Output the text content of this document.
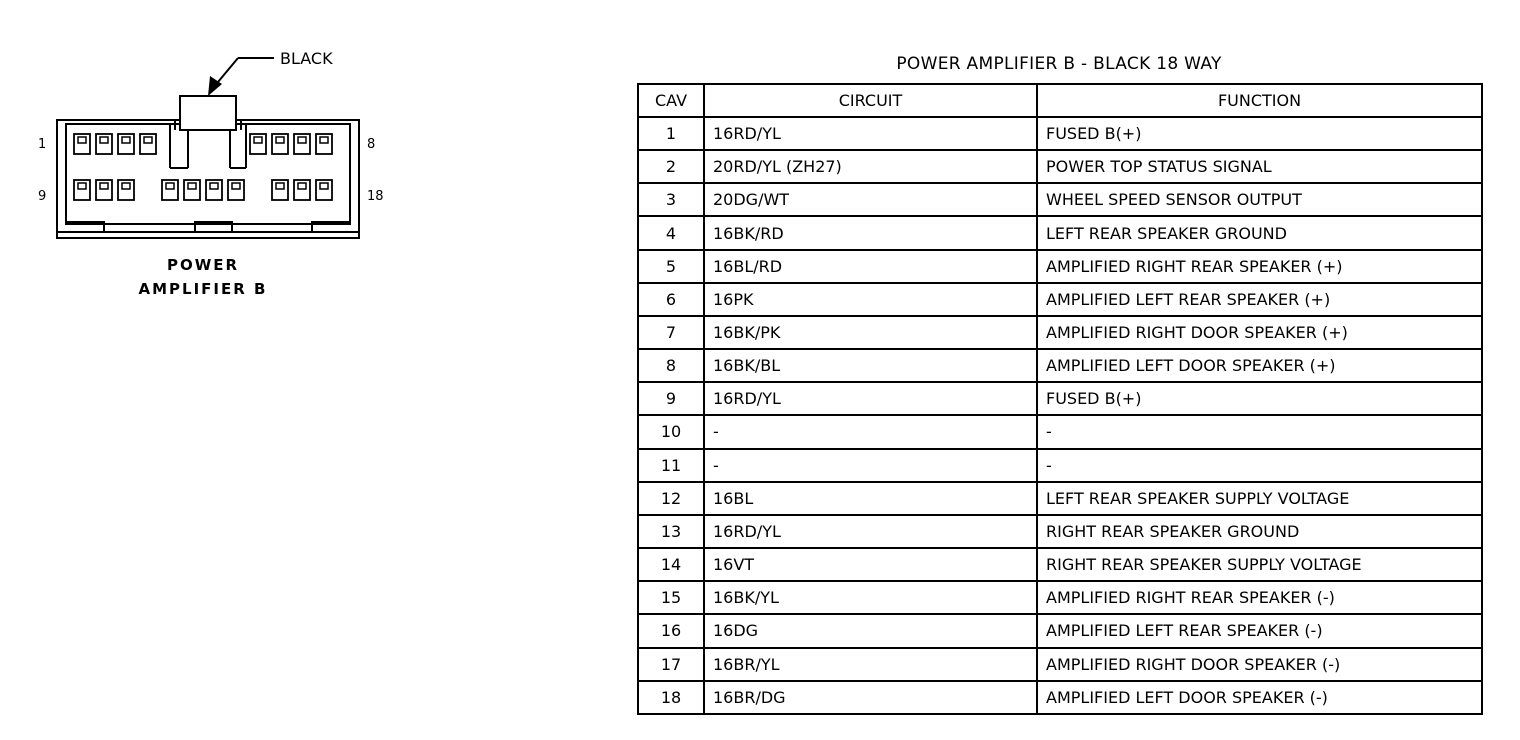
BLACK
1	8
9	18
POWER
AMPLIFIER B
POWER AMPLIFIER B - BLACK 18 WAY
CAV	CIRCUIT	FUNCTION
1	16RD/YL	FUSED B(+)
2	20RD/YL (ZH27)	POWER TOP STATUS SIGNAL
3	20DG/WT	WHEEL SPEED SENSOR OUTPUT
4	16BK/RD	LEFT REAR SPEAKER GROUND
5	16BL/RD	AMPLIFIED RIGHT REAR SPEAKER (+)
6	16PK	AMPLIFIED LEFT REAR SPEAKER (+)
7	16BK/PK	AMPLIFIED RIGHT DOOR SPEAKER (+)
8	16BK/BL	AMPLIFIED LEFT DOOR SPEAKER (+)
9	16RD/YL	FUSED B(+)
10	-	-
11	-	-
12	16BL	LEFT REAR SPEAKER SUPPLY VOLTAGE
13	16RD/YL	RIGHT REAR SPEAKER GROUND
14	16VT	RIGHT REAR SPEAKER SUPPLY VOLTAGE
15	16BK/YL	AMPLIFIED RIGHT REAR SPEAKER (-)
16	16DG	AMPLIFIED LEFT REAR SPEAKER (-)
17	16BR/YL	AMPLIFIED RIGHT DOOR SPEAKER (-)
18	16BR/DG	AMPLIFIED LEFT DOOR SPEAKER (-)
